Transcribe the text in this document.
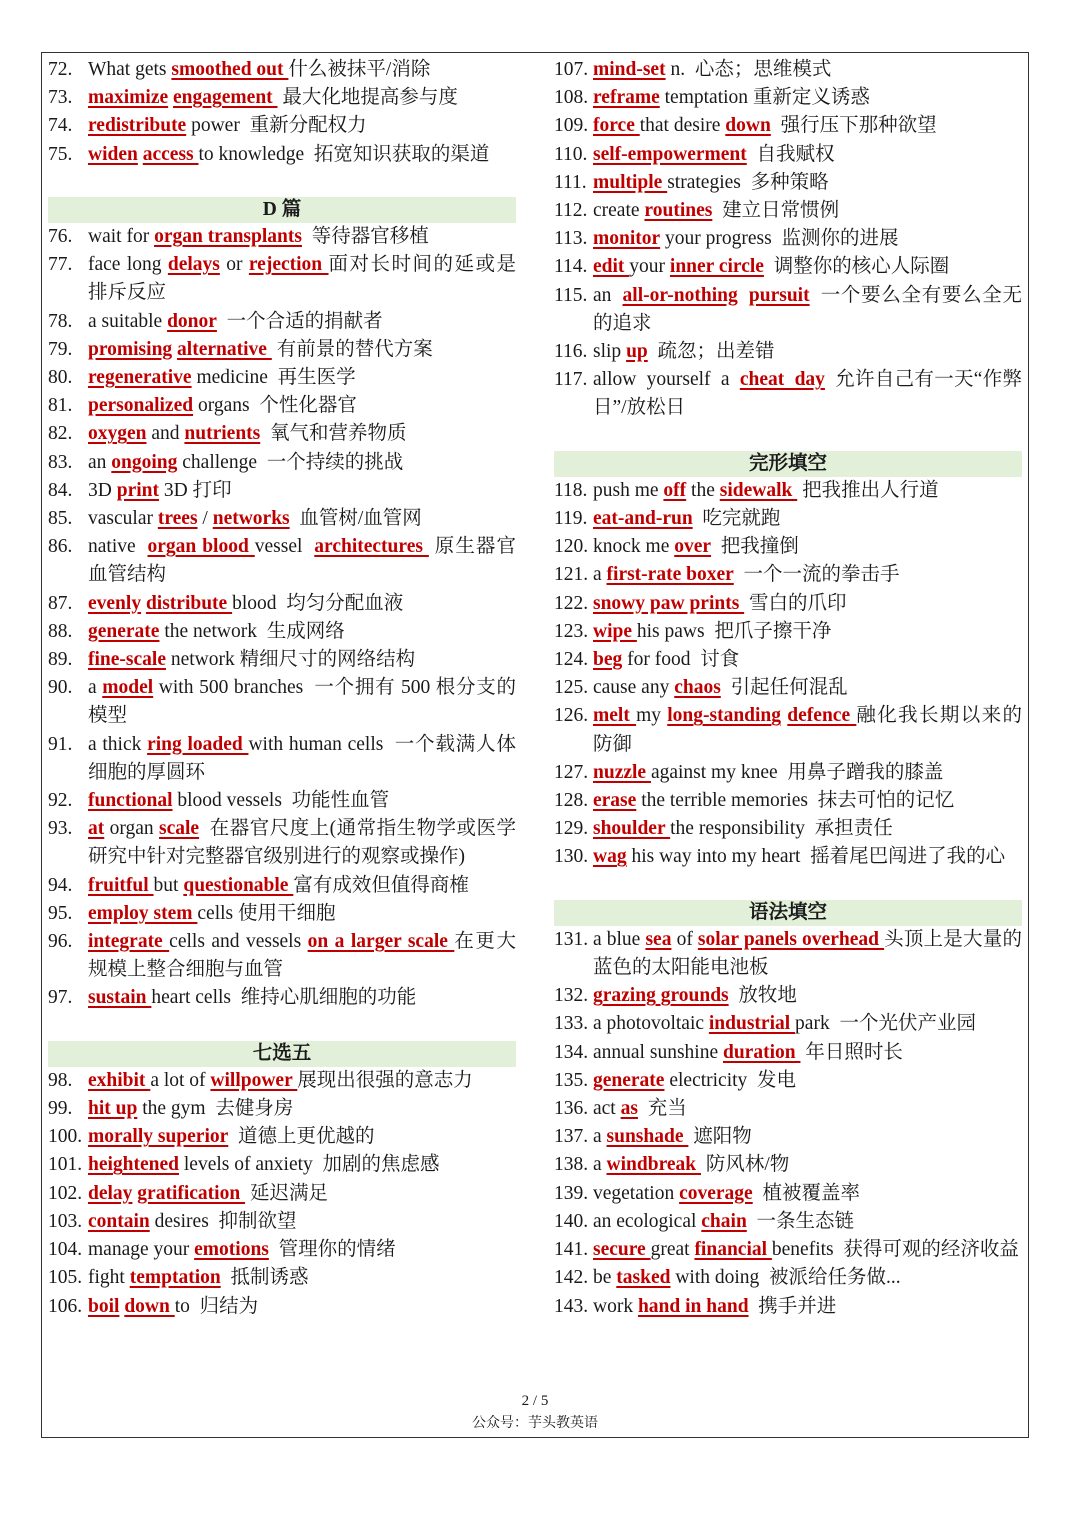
72. What gets smoothed out 什么被抹平/消除
73. maximize engagement  最大化地提高参与度
74. redistribute power  重新分配权力
75. widen access to knowledge  拓宽知识获取的渠道
D 篇
76. wait for organ transplants  等待器官移植
77. face long delays or rejection 面对长时间的延或是排斥反应
78. a suitable donor  一个合适的捐献者
79. promising alternative  有前景的替代方案
80. regenerative medicine  再生医学
81. personalized organs  个性化器官
82. oxygen and nutrients  氧气和营养物质
83. an ongoing challenge  一个持续的挑战
84. 3D print 3D 打印
85. vascular trees / networks  血管树/血管网
86. native  organ blood vessel  architectures  原生器官血管结构
87. evenly distribute blood  均匀分配血液
88. generate the network  生成网络
89. fine-scale network 精细尺寸的网络结构
90. a model with 500 branches  一个拥有 500 根分支的模型
91. a thick ring loaded with human cells  一个载满人体细胞的厚圆环
92. functional blood vessels  功能性血管
93. at organ scale  在器官尺度上(通常指生物学或医学研究中针对完整器官级别进行的观察或操作)
94. fruitful but questionable 富有成效但值得商榷
95. employ stem cells 使用干细胞
96. integrate cells and vessels on a larger scale 在更大规模上整合细胞与血管
97. sustain heart cells  维持心肌细胞的功能
七选五
98. exhibit a lot of willpower 展现出很强的意志力
99. hit up the gym  去健身房
100. morally superior  道德上更优越的
101. heightened levels of anxiety  加剧的焦虑感
102. delay gratification  延迟满足
103. contain desires  抑制欲望
104. manage your emotions  管理你的情绪
105. fight temptation  抵制诱惑
106. boil down to  归结为
107. mind-set n.  心态；思维模式
108. reframe temptation 重新定义诱惑
109. force that desire down  强行压下那种欲望
110. self-empowerment  自我赋权
111. multiple strategies  多种策略
112. create routines  建立日常惯例
113. monitor your progress  监测你的进展
114. edit your inner circle  调整你的核心人际圈
115. an  all-or-nothing pursuit  一个要么全有要么全无的追求
116. slip up  疏忽；出差错
117. allow  yourself  a  cheat  day  允许自己有一天“作弊日”/放松日
完形填空
118. push me off the sidewalk  把我推出人行道
119. eat-and-run  吃完就跑
120. knock me over  把我撞倒
121. a first-rate boxer  一个一流的拳击手
122. snowy paw prints  雪白的爪印
123. wipe his paws  把爪子擦干净
124. beg for food  讨食
125. cause any chaos  引起任何混乱
126. melt my long-standing defence 融化我长期以来的防御
127. nuzzle against my knee  用鼻子蹭我的膝盖
128. erase the terrible memories  抹去可怕的记忆
129. shoulder the responsibility  承担责任
130. wag his way into my heart  摇着尾巴闯进了我的心
语法填空
131. a blue sea of solar panels overhead 头顶上是大量的蓝色的太阳能电池板
132. grazing grounds  放牧地
133. a photovoltaic industrial park  一个光伏产业园
134. annual sunshine duration  年日照时长
135. generate electricity  发电
136. act as  充当
137. a sunshade  遮阳物
138. a windbreak  防风林/物
139. vegetation coverage  植被覆盖率
140. an ecological chain  一条生态链
141. secure great financial benefits  获得可观的经济收益
142. be tasked with doing  被派给任务做...
143. work hand in hand  携手并进
2 / 5
公众号：芋头教英语
